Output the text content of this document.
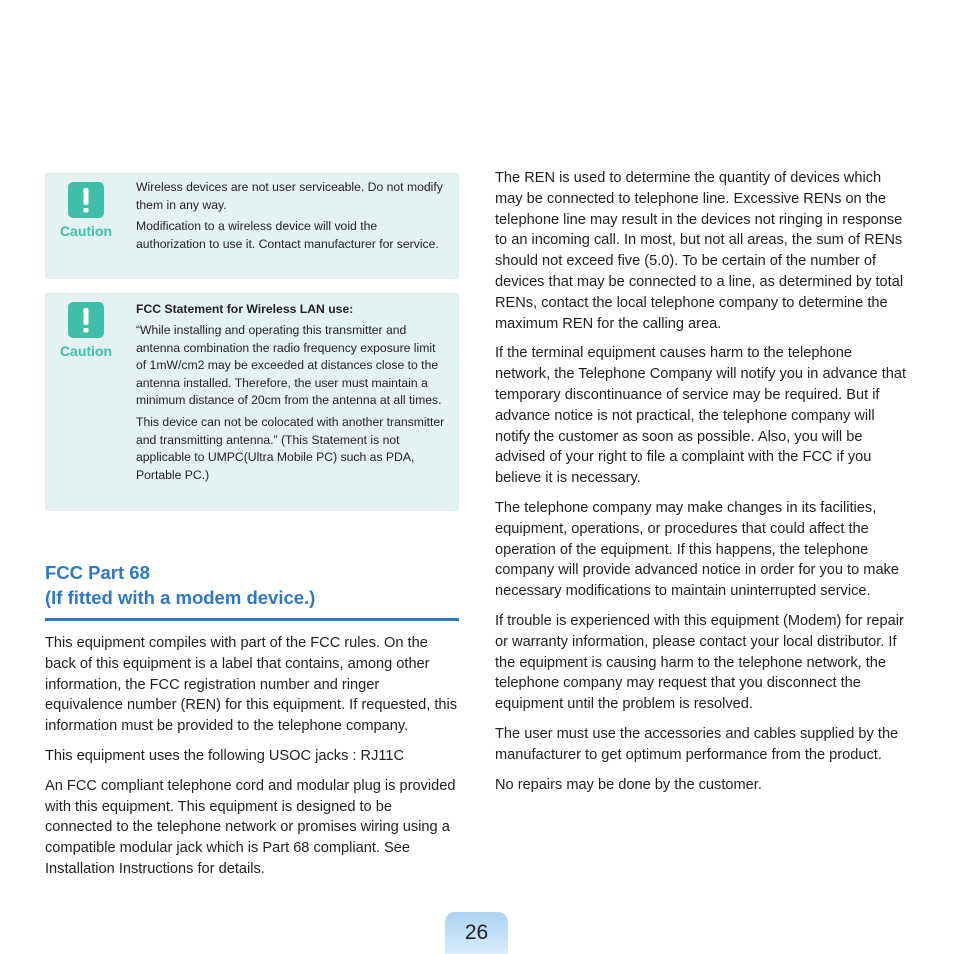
Caution

Wireless devices are not user serviceable. Do not modify them in any way.

Modification to a wireless device will void the authorization to use it. Contact manufacturer for service.

Caution

FCC Statement for Wireless LAN use:

“While installing and operating this transmitter and antenna combination the radio frequency exposure limit of 1mW/cm2 may be exceeded at distances close to the antenna installed. Therefore, the user must maintain a minimum distance of 20cm from the antenna at all times.

This device can not be colocated with another transmitter and transmitting antenna.” (This Statement is not applicable to UMPC(Ultra Mobile PC) such as PDA, Portable PC.)

FCC Part 68
(If fitted with a modem device.)

This equipment compiles with part of the FCC rules. On the back of this equipment is a label that contains, among other information, the FCC registration number and ringer equivalence number (REN) for this equipment. If requested, this information must be provided to the telephone company.

This equipment uses the following USOC jacks : RJ11C

An FCC compliant telephone cord and modular plug is provided with this equipment. This equipment is designed to be connected to the telephone network or promises wiring using a compatible modular jack which is Part 68 compliant. See Installation Instructions for details.

The REN is used to determine the quantity of devices which may be connected to telephone line. Excessive RENs on the telephone line may result in the devices not ringing in response to an incoming call. In most, but not all areas, the sum of RENs should not exceed five (5.0). To be certain of the number of devices that may be connected to a line, as determined by total RENs, contact the local telephone company to determine the maximum REN for the calling area.

If the terminal equipment causes harm to the telephone network, the Telephone Company will notify you in advance that temporary discontinuance of service may be required. But if advance notice is not practical, the telephone company will notify the customer as soon as possible. Also, you will be advised of your right to file a complaint with the FCC if you believe it is necessary.

The telephone company may make changes in its facilities, equipment, operations, or procedures that could affect the operation of the equipment. If this happens, the telephone company will provide advanced notice in order for you to make necessary modifications to maintain uninterrupted service.

If trouble is experienced with this equipment (Modem) for repair or warranty information, please contact your local distributor. If the equipment is causing harm to the telephone network, the telephone company may request that you disconnect the equipment until the problem is resolved.

The user must use the accessories and cables supplied by the manufacturer to get optimum performance from the product.

No repairs may be done by the customer.

26
